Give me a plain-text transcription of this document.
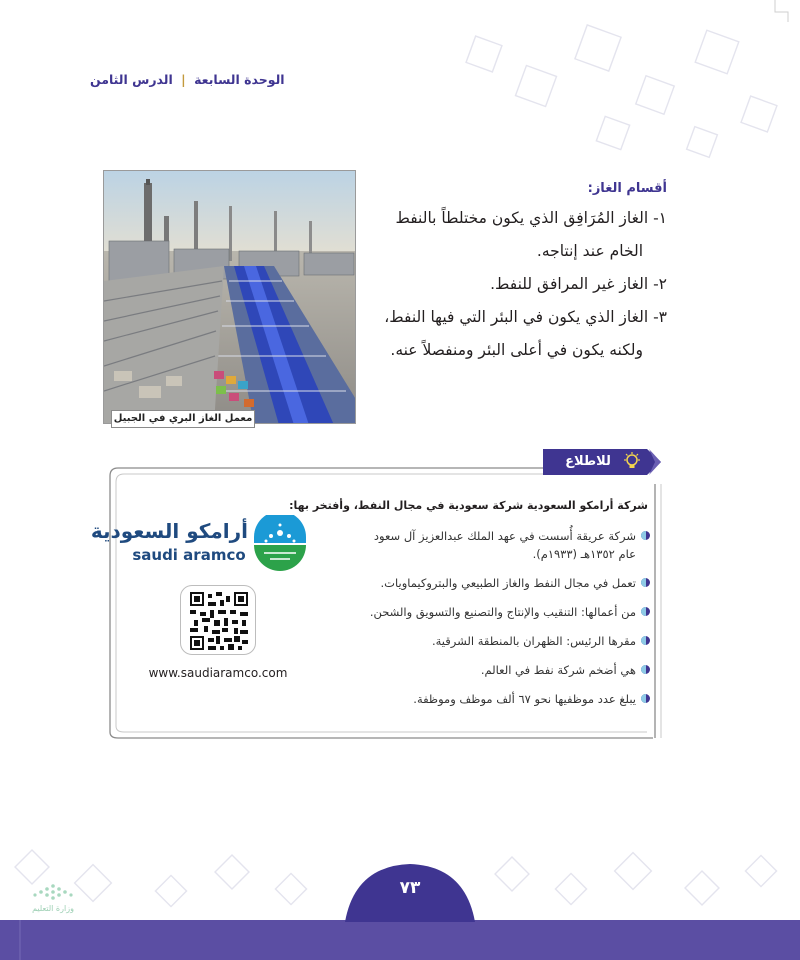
الوحدة السابعة | الدرس الثامن
معمل الغاز البري في الجبيل
أقسام الغاز:

١- الغاز المُرَافِق الذي يكون مختلطاً بالنفط

الخام عند إنتاجه.

٢- الغاز غير المرافق للنفط.

٣- الغاز الذي يكون في البئر التي فيها النفط،

ولكنه يكون في أعلى البئر ومنفصلاً عنه.

للاطلاع
شركة أرامكو السعودية شركة سعودية في مجال النفط، وأفتخر بها:
شركة عريقة أُسست في عهد الملك عبدالعزيز آل سعود
عام ١٣٥٢هـ (١٩٣٣م).
تعمل في مجال النفط والغاز الطبيعي والبتروكيماويات.
من أعمالها: التنقيب والإنتاج والتصنيع والتسويق والشحن.
مقرها الرئيس: الظهران بالمنطقة الشرقية.
هي أضخم شركة نفط في العالم.
يبلغ عدد موظفيها نحو ٦٧ ألف موظف وموظفة.
أرامكو السعودية
saudi aramco
www.saudiaramco.com
وزارة التعليم
٧٣
